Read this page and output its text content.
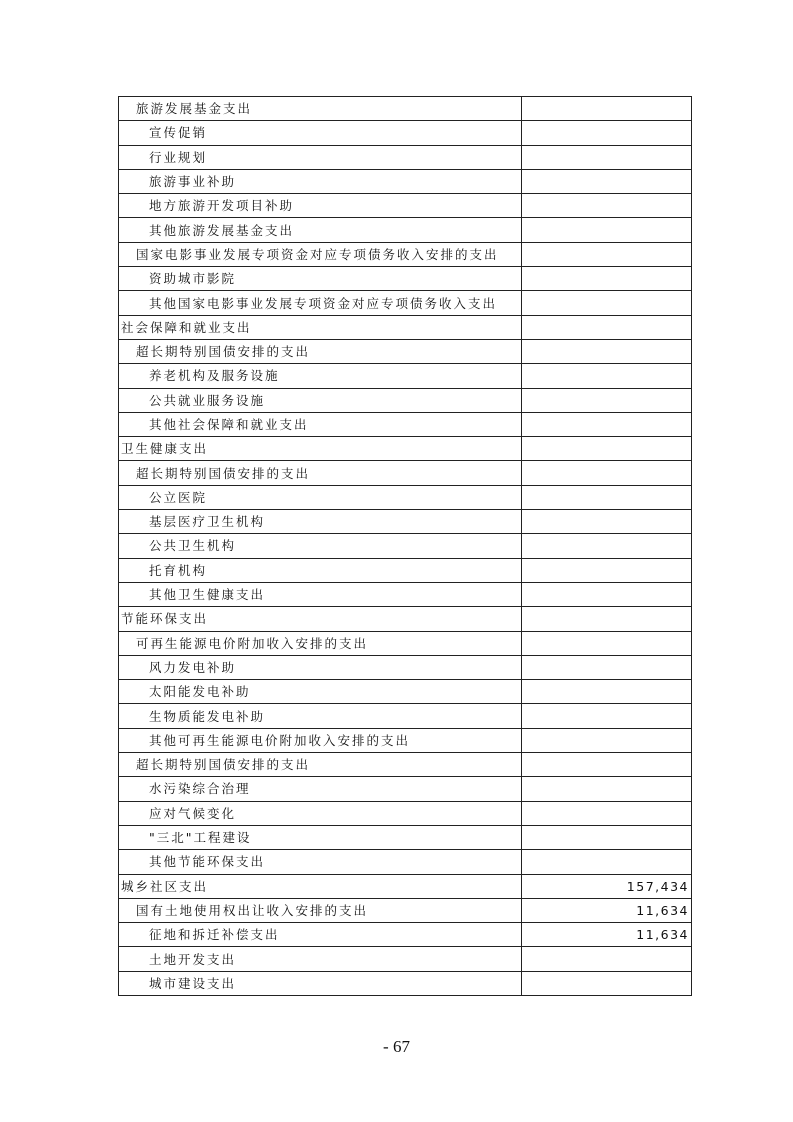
旅游发展基金支出	
宣传促销	
行业规划	
旅游事业补助	
地方旅游开发项目补助	
其他旅游发展基金支出	
国家电影事业发展专项资金对应专项债务收入安排的支出	
资助城市影院	
其他国家电影事业发展专项资金对应专项债务收入支出	
社会保障和就业支出	
超长期特别国债安排的支出	
养老机构及服务设施	
公共就业服务设施	
其他社会保障和就业支出	
卫生健康支出	
超长期特别国债安排的支出	
公立医院	
基层医疗卫生机构	
公共卫生机构	
托育机构	
其他卫生健康支出	
节能环保支出	
可再生能源电价附加收入安排的支出	
风力发电补助	
太阳能发电补助	
生物质能发电补助	
其他可再生能源电价附加收入安排的支出	
超长期特别国债安排的支出	
水污染综合治理	
应对气候变化	
"三北"工程建设	
其他节能环保支出	
城乡社区支出	157,434
国有土地使用权出让收入安排的支出	11,634
征地和拆迁补偿支出	11,634
土地开发支出	
城市建设支出	
- 67
